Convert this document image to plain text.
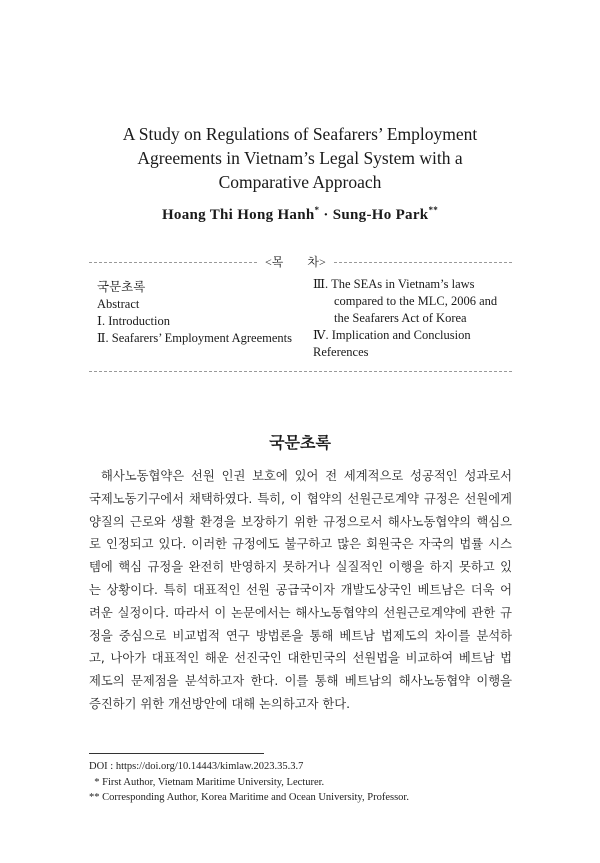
A Study on Regulations of Seafarers’ Employment
Agreements in Vietnam’s Legal System with a
Comparative Approach
Hoang Thi Hong Hanh* · Sung-Ho Park**
<목　　차>
국문초록
Abstract
Ⅰ. Introduction
Ⅱ. Seafarers’ Employment Agreements
Ⅲ. The SEAs in Vietnam’s laws
compared to the MLC, 2006 and
the Seafarers Act of Korea
Ⅳ. Implication and Conclusion
References
국문초록
해사노동협약은 선원 인권 보호에 있어 전 세계적으로 성공적인 성과로서
국제노동기구에서 채택하였다. 특히, 이 협약의 선원근로계약 규정은 선원에게
양질의 근로와 생활 환경을 보장하기 위한 규정으로서 해사노동협약의 핵심으
로 인정되고 있다. 이러한 규정에도 불구하고 많은 회원국은 자국의 법률 시스
템에 핵심 규정을 완전히 반영하지 못하거나 실질적인 이행을 하지 못하고 있
는 상황이다. 특히 대표적인 선원 공급국이자 개발도상국인 베트남은 더욱 어
려운 실정이다. 따라서 이 논문에서는 해사노동협약의 선원근로계약에 관한 규
정을 중심으로 비교법적 연구 방법론을 통해 베트남 법제도의 차이를 분석하
고, 나아가 대표적인 해운 선진국인 대한민국의 선원법을 비교하여 베트남 법
제도의 문제점을 분석하고자 한다. 이를 통해 베트남의 해사노동협약 이행을
증진하기 위한 개선방안에 대해 논의하고자 한다.
DOI : https://doi.org/10.14443/kimlaw.2023.35.3.7
* First Author, Vietnam Maritime University, Lecturer.
** Corresponding Author, Korea Maritime and Ocean University, Professor.
